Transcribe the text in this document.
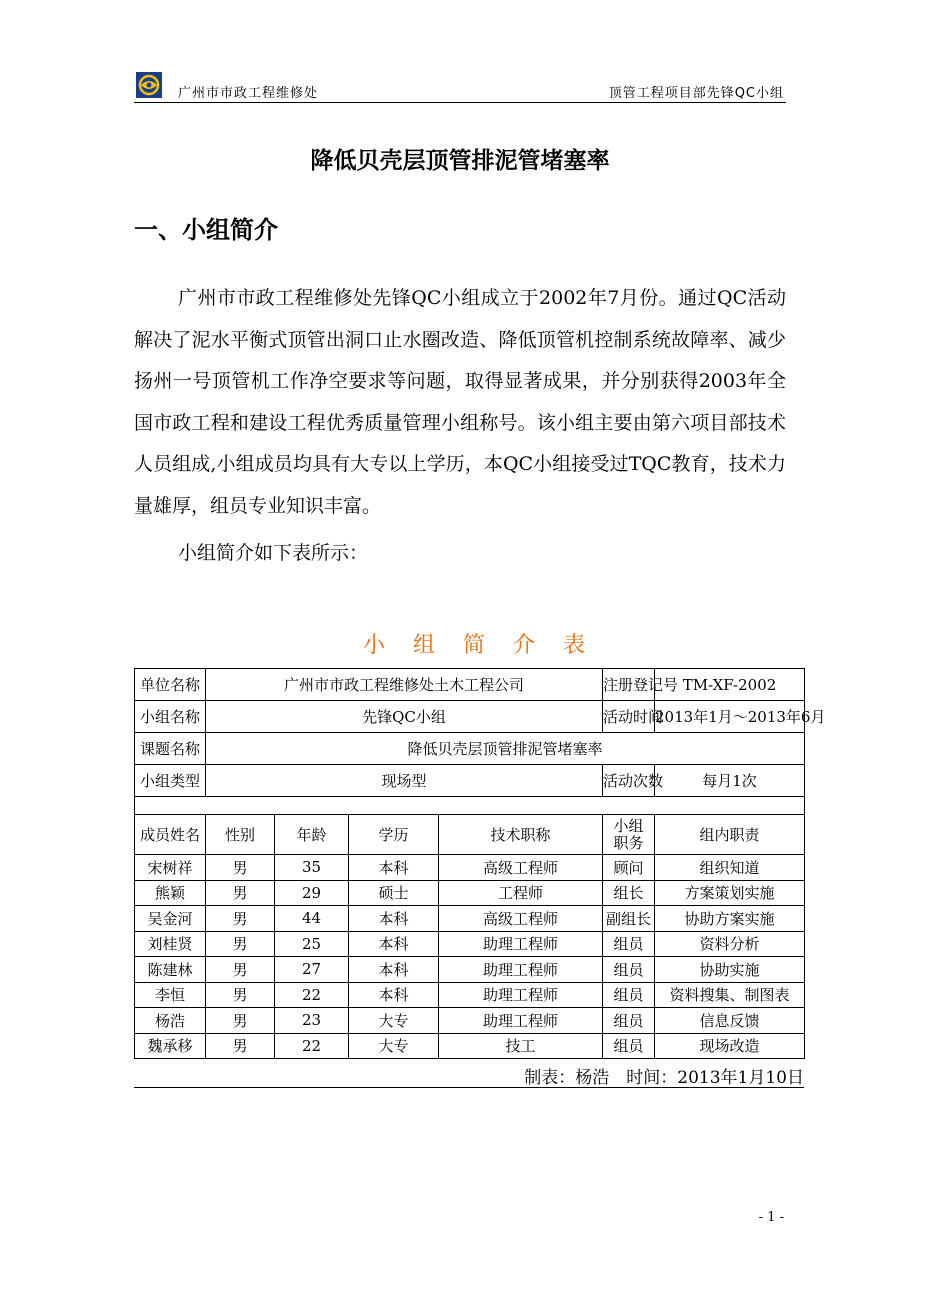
广州市市政工程维修处	顶管工程项目部先锋QC小组
降低贝壳层顶管排泥管堵塞率
一、小组简介

广州市市政工程维修处先锋QC小组成立于2002年7月份。通过QC活动解决了泥水平衡式顶管出洞口止水圈改造、降低顶管机控制系统故障率、减少扬州一号顶管机工作净空要求等问题，取得显著成果，并分别获得2003年全国市政工程和建设工程优秀质量管理小组称号。该小组主要由第六项目部技术人员组成,小组成员均具有大专以上学历，本QC小组接受过TQC教育，技术力量雄厚，组员专业知识丰富。

小组简介如下表所示：

小组简介表
单位名称	广州市市政工程维修处土木工程公司				注册登记号	TM-XF-2002
小组名称	先锋QC小组				活动时间	2013年1月～2013年6月
课题名称	降低贝壳层顶管排泥管堵塞率					
小组类型	现场型				活动次数	每月1次

成员姓名	性别	年龄	学历	技术职称	小组职务	组内职责
宋树祥	男	35	本科	高级工程师	顾问	组织知道
熊颖	男	29	硕士	工程师	组长	方案策划实施
吴金河	男	44	本科	高级工程师	副组长	协助方案实施
刘桂贤	男	25	本科	助理工程师	组员	资料分析
陈建林	男	27	本科	助理工程师	组员	协助实施
李恒	男	22	本科	助理工程师	组员	资料搜集、制图表
杨浩	男	23	大专	助理工程师	组员	信息反馈
魏承移	男	22	大专	技工	组员	现场改造
制表：杨浩　时间：2013年1月10日
- 1 -
